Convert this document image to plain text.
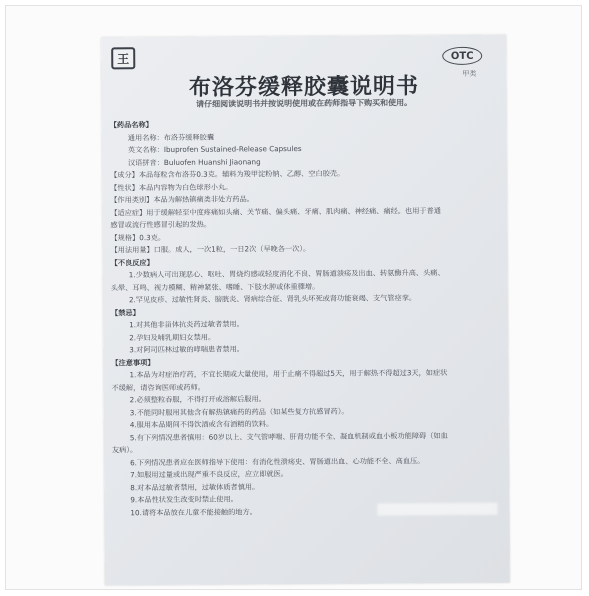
王	OTC
甲类
布洛芬缓释胶囊说明书
请仔细阅读说明书并按说明使用或在药师指导下购买和使用。
【药品名称】
通用名称：布洛芬缓释胶囊
英文名称：Ibuprofen Sustained-Release Capsules
汉语拼音：Buluofen Huanshi Jiaonang
【成分】本品每粒含布洛芬0.3克。辅料为羧甲淀粉钠、乙醇、空白胶壳。
【性状】本品内容物为白色球形小丸。
【作用类别】本品为解热镇痛类非处方药品。
【适应症】用于缓解轻至中度疼痛如头痛、关节痛、偏头痛、牙痛、肌肉痛、神经痛、痛经。也用于普通
感冒或流行性感冒引起的发热。
【规格】0.3克。
【用法用量】口服。成人，一次1粒，一日2次（早晚各一次）。
【不良反应】
1.少数病人可出现恶心、呕吐、胃烧灼感或轻度消化不良、胃肠道溃疡及出血、转氨酶升高、头痛、
头晕、耳鸣、视力模糊、精神紧张、嗜睡、下肢水肿或体重骤增。
2.罕见皮疹、过敏性肾炎、膀胱炎、肾病综合征、肾乳头坏死或肾功能衰竭、支气管痉挛。
【禁忌】
1.对其他非甾体抗炎药过敏者禁用。
2.孕妇及哺乳期妇女禁用。
3.对阿司匹林过敏的哮喘患者禁用。
【注意事项】
1.本品为对症治疗药，不宜长期或大量使用，用于止痛不得超过5天，用于解热不得超过3天，如症状
不缓解，请咨询医师或药师。
2.必须整粒吞服，不得打开或溶解后服用。
3.不能同时服用其他含有解热镇痛药的药品（如某些复方抗感冒药）。
4.服用本品期间不得饮酒或含有酒精的饮料。
5.有下列情况患者慎用：60岁以上、支气管哮喘、肝肾功能不全、凝血机制或血小板功能障碍（如血
友病）。
6.下列情况患者应在医师指导下使用：有消化性溃疡史、胃肠道出血、心功能不全、高血压。
7.如服用过量或出现严重不良反应，应立即就医。
8.对本品过敏者禁用，过敏体质者慎用。
9.本品性状发生改变时禁止使用。
10.请将本品放在儿童不能接触的地方。
